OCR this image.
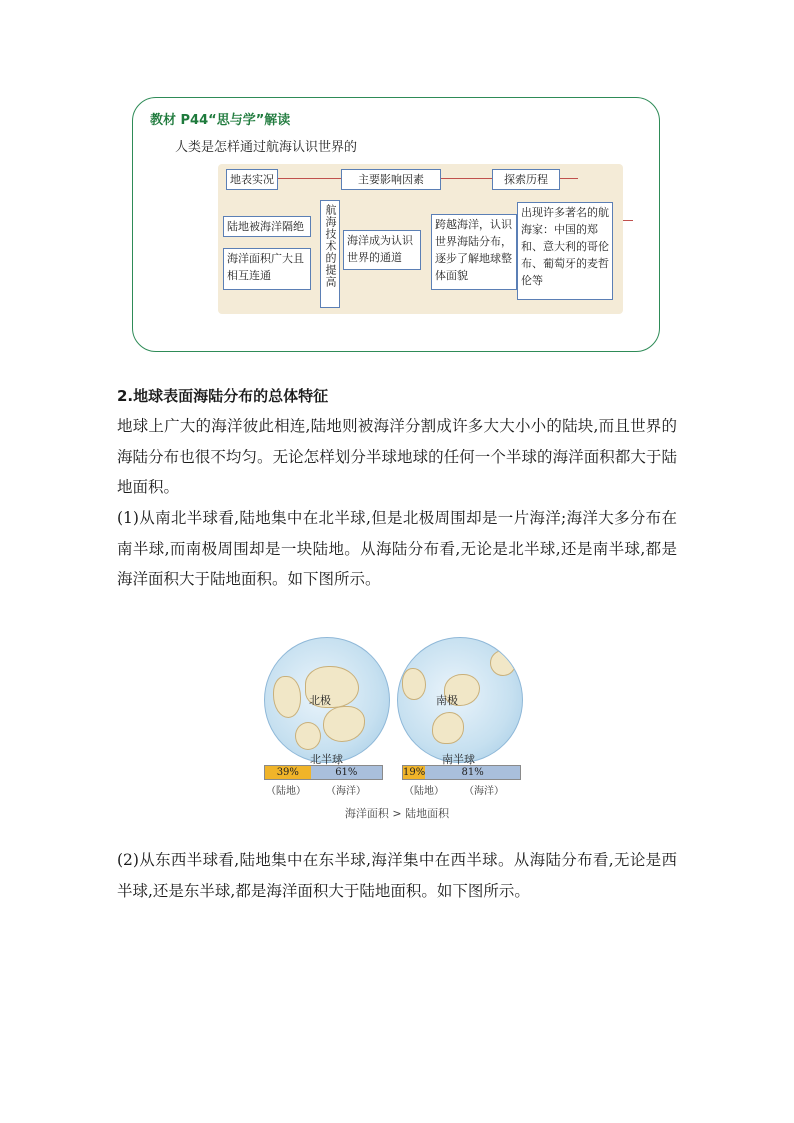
教材 P44“思与学”解读
人类是怎样通过航海认识世界的
地表实况	主要影响因素	探索历程
陆地被海洋隔绝
海洋面积广大且相互连通	航海技术的提高 海洋成为认识世界的通道
跨越海洋，认识世界海陆分布，逐步了解地球整体面貌
出现许多著名的航海家：中国的郑和、意大利的哥伦布、葡萄牙的麦哲伦等
2.地球表面海陆分布的总体特征

地球上广大的海洋彼此相连,陆地则被海洋分割成许多大大小小的陆块,而且世界的海陆分布也很不均匀。无论怎样划分半球地球的任何一个半球的海洋面积都大于陆地面积。

(1)从南北半球看,陆地集中在北半球,但是北极周围却是一片海洋;海洋大多分布在南半球,而南极周围却是一块陆地。从海陆分布看,无论是北半球,还是南半球,都是海洋面积大于陆地面积。如下图所示。

北极	南极
北半球	南半球
39%	61%	19%	81%
（陆地） （海洋）	（陆地） （海洋）
海洋面积 > 陆地面积

(2)从东西半球看,陆地集中在东半球,海洋集中在西半球。从海陆分布看,无论是西半球,还是东半球,都是海洋面积大于陆地面积。如下图所示。
